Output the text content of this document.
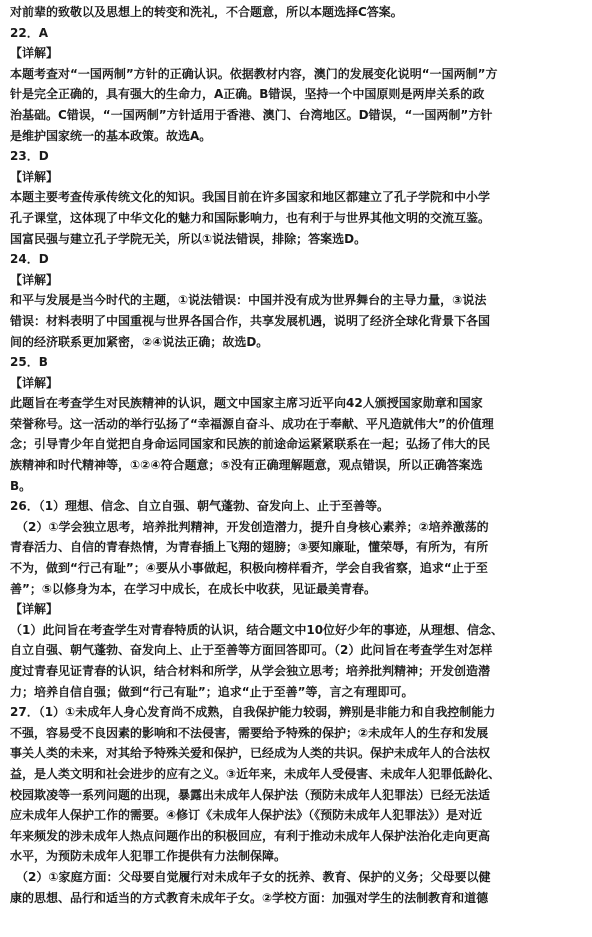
对前辈的致敬以及思想上的转变和洗礼，不合题意，所以本题选择C答案。
22．A
【详解】
本题考查对“一国两制”方针的正确认识。依据教材内容，澳门的发展变化说明“一国两制”方
针是完全正确的，具有强大的生命力，A正确。B错误，坚持一个中国原则是两岸关系的政
治基础。C错误，“一国两制”方针适用于香港、澳门、台湾地区。D错误，“一国两制”方针
是维护国家统一的基本政策。故选A。
23．D
【详解】
本题主要考查传承传统文化的知识。我国目前在许多国家和地区都建立了孔子学院和中小学
孔子课堂，这体现了中华文化的魅力和国际影响力，也有利于与世界其他文明的交流互鉴。
国富民强与建立孔子学院无关，所以①说法错误，排除；答案选D。
24．D
【详解】
和平与发展是当今时代的主题，①说法错误：中国并没有成为世界舞台的主导力量，③说法
错误：材料表明了中国重视与世界各国合作，共享发展机遇，说明了经济全球化背景下各国
间的经济联系更加紧密，②④说法正确；故选D。
25．B
【详解】
此题旨在考查学生对民族精神的认识，题文中国家主席习近平向42人颁授国家勋章和国家
荣誉称号。这一活动的举行弘扬了“幸福源自奋斗、成功在于奉献、平凡造就伟大”的价值理
念；引导青少年自觉把自身命运同国家和民族的前途命运紧紧联系在一起；弘扬了伟大的民
族精神和时代精神等，①②④符合题意；⑤没有正确理解题意，观点错误，所以正确答案选
B。
26．（1）理想、信念、自立自强、朝气蓬勃、奋发向上、止于至善等。
（2）①学会独立思考，培养批判精神，开发创造潜力，提升自身核心素养；②培养激荡的
青春活力、自信的青春热情，为青春插上飞翔的翅膀；③要知廉耻，懂荣辱，有所为，有所
不为，做到“行己有耻”；④要从小事做起，积极向榜样看齐，学会自我省察，追求“止于至
善”；⑤以修身为本，在学习中成长，在成长中收获，见证最美青春。
【详解】
（1）此问旨在考查学生对青春特质的认识，结合题文中10位好少年的事迹，从理想、信念、
自立自强、朝气蓬勃、奋发向上、止于至善等方面回答即可。（2）此问旨在考查学生对怎样
度过青春见证青春的认识，结合材料和所学，从学会独立思考；培养批判精神；开发创造潜
力；培养自信自强；做到“行己有耻”；追求“止于至善”等，言之有理即可。
27．（1）①未成年人身心发育尚不成熟，自我保护能力较弱，辨别是非能力和自我控制能力
不强，容易受不良因素的影响和不法侵害，需要给予特殊的保护；②未成年人的生存和发展
事关人类的未来，对其给予特殊关爱和保护，已经成为人类的共识。保护未成年人的合法权
益，是人类文明和社会进步的应有之义。③近年来，未成年人受侵害、未成年人犯罪低龄化、
校园欺凌等一系列问题的出现，暴露出未成年人保护法（预防未成年人犯罪法）已经无法适
应未成年人保护工作的需要。④修订《未成年人保护法》（《预防未成年人犯罪法》）是对近
年来频发的涉未成年人热点问题作出的积极回应，有利于推动未成年人保护法治化走向更高
水平，为预防未成年人犯罪工作提供有力法制保障。
（2）①家庭方面：父母要自觉履行对未成年子女的抚养、教育、保护的义务；父母要以健
康的思想、品行和适当的方式教育未成年子女。②学校方面：加强对学生的法制教育和道德
